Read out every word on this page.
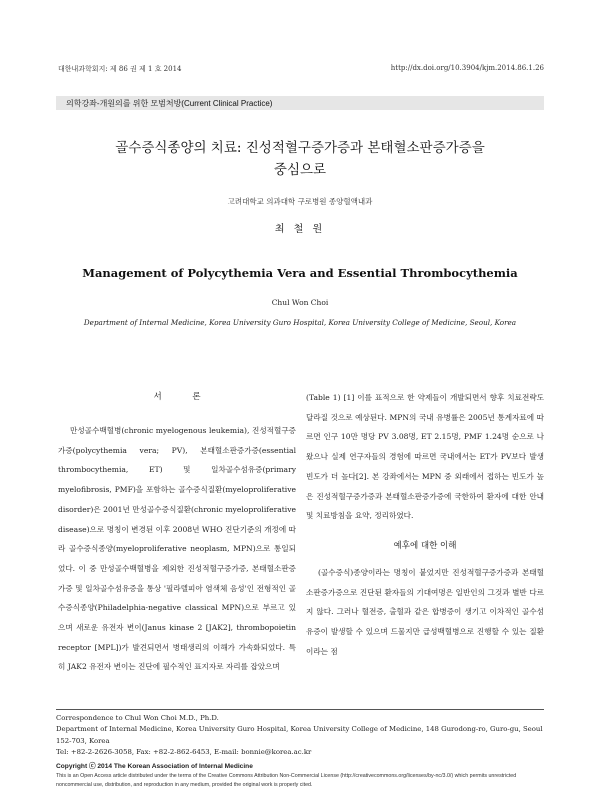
대한내과학회지: 제 86 권 제 1 호 2014	http://dx.doi.org/10.3904/kjm.2014.86.1.26
의학강좌-개원의를 위한 모범처방(Current Clinical Practice)
골수증식종양의 치료: 진성적혈구증가증과 본태혈소판증가증을
중심으로
고려대학교 의과대학 구로병원 종양혈액내과
최 철 원
Management of Polycythemia Vera and Essential Thrombocythemia
Chul Won Choi
Department of Internal Medicine, Korea University Guro Hospital, Korea University College of Medicine, Seoul, Korea
서 론

만성골수백혈병(chronic myelogenous leukemia), 진성적혈구증가증(polycythemia vera; PV), 본태혈소판증가증(essential thrombocythemia, ET) 및 일차골수섬유증(primary myelofibrosis, PMF)을 포함하는 골수증식질환(myeloproliferative disorder)은 2001년 만성골수증식질환(chronic myeloproliferative disease)으로 명칭이 변경된 이후 2008년 WHO 진단기준의 개정에 따라 골수증식종양(myeloproliferative neoplasm, MPN)으로 통일되었다. 이 중 만성골수백혈병을 제외한 진성적혈구증가증, 본태혈소판증가증 및 일차골수섬유증을 통상 '필라델피아 염색체 음성'인 전형적인 골수증식종양(Philadelphia-negative classical MPN)으로 부르고 있으며 새로운 유전자 변이(Janus kinase 2 [JAK2], thrombopoietin receptor [MPL])가 발견되면서 병태생리의 이해가 가속화되었다. 특히 JAK2 유전자 변이는 진단에 필수적인 표지자로 자리를 잡았으며

(Table 1) [1] 이를 표적으로 한 약제들이 개발되면서 향후 치료전략도 달라질 것으로 예상된다. MPN의 국내 유병률은 2005년 통계자료에 따르면 인구 10만 명당 PV 3.08명, ET 2.15명, PMF 1.24명 순으로 나왔으나 실제 연구자들의 경험에 따르면 국내에서는 ET가 PV보다 발생빈도가 더 높다[2]. 본 강좌에서는 MPN 중 외래에서 접하는 빈도가 높은 진성적혈구증가증과 본태혈소판증가증에 국한하여 환자에 대한 안내 및 치료방침을 요약, 정리하였다.

예후에 대한 이해

(골수증식)종양이라는 명칭이 붙었지만 진성적혈구증가증과 본태혈소판증가증으로 진단된 환자들의 기대여명은 일반인의 그것과 별반 다르지 않다. 그러나 혈전증, 출혈과 같은 합병증이 생기고 이차적인 골수섬유증이 발생할 수 있으며 드물지만 급성백혈병으로 진행할 수 있는 질환이라는 점

Correspondence to Chul Won Choi M.D., Ph.D.

Department of Internal Medicine, Korea University Guro Hospital, Korea University College of Medicine, 148 Gurodong-ro, Guro-gu, Seoul 152-703, Korea

Tel: +82-2-2626-3058, Fax: +82-2-862-6453, E-mail: bonnie@korea.ac.kr

Copyright ⓒ 2014 The Korean Association of Internal Medicine

This is an Open Access article distributed under the terms of the Creative Commons Attribution Non-Commercial License (http://creativecommons.org/licenses/by-nc/3.0/) which permits unrestricted noncommercial use, distribution, and reproduction in any medium, provided the original work is properly cited.
